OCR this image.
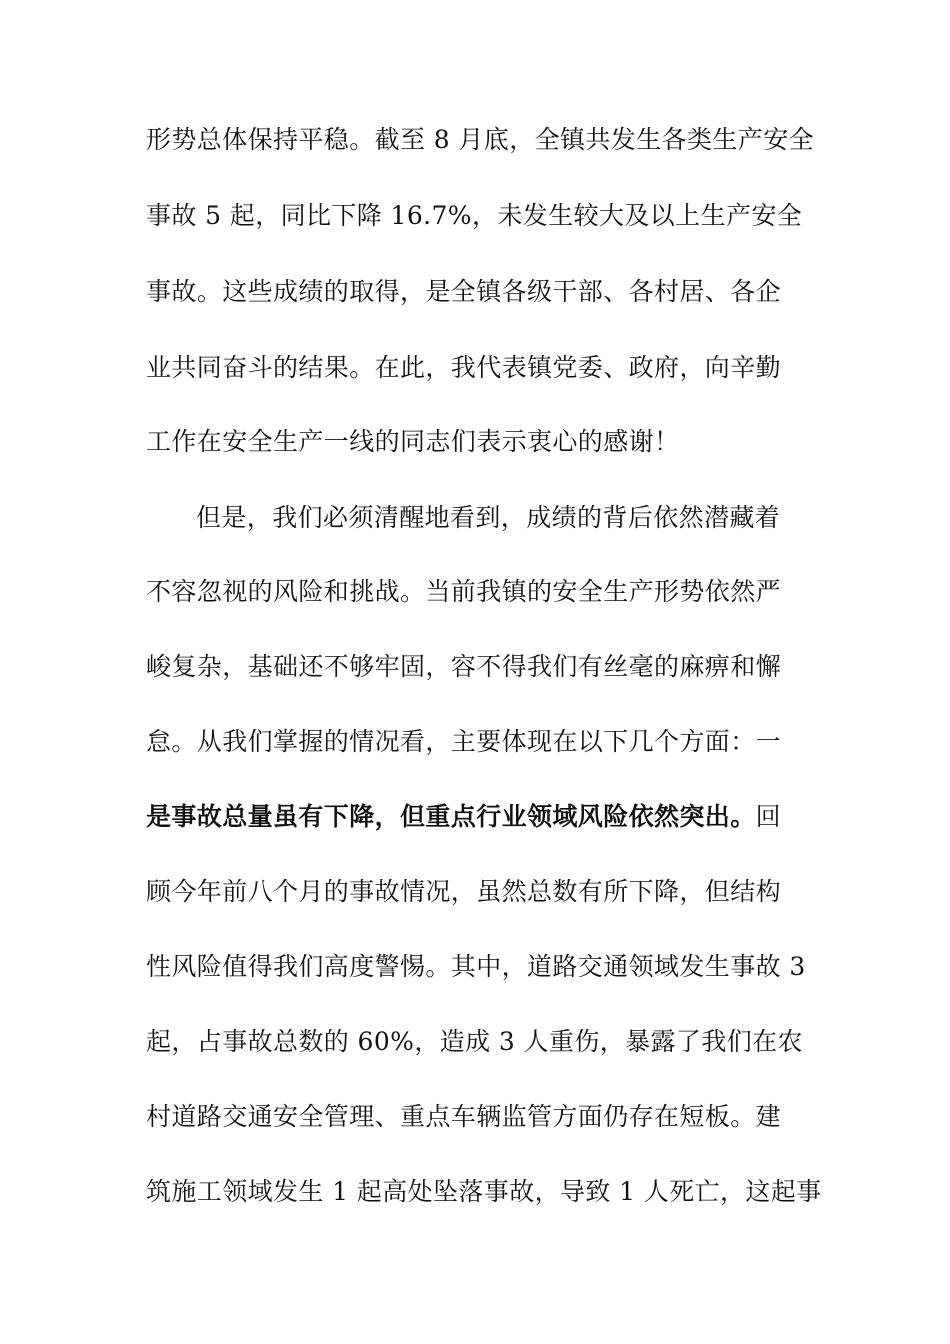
形势总体保持平稳。截至 8 月底，全镇共发生各类生产安全
事故 5 起，同比下降 16.7%，未发生较大及以上生产安全
事故。这些成绩的取得，是全镇各级干部、各村居、各企
业共同奋斗的结果。在此，我代表镇党委、政府，向辛勤
工作在安全生产一线的同志们表示衷心的感谢！
但是，我们必须清醒地看到，成绩的背后依然潜藏着
不容忽视的风险和挑战。当前我镇的安全生产形势依然严
峻复杂，基础还不够牢固，容不得我们有丝毫的麻痹和懈
怠。从我们掌握的情况看，主要体现在以下几个方面：一
是事故总量虽有下降，但重点行业领域风险依然突出。回
顾今年前八个月的事故情况，虽然总数有所下降，但结构
性风险值得我们高度警惕。其中，道路交通领域发生事故 3
起，占事故总数的 60%，造成 3 人重伤，暴露了我们在农
村道路交通安全管理、重点车辆监管方面仍存在短板。建
筑施工领域发生 1 起高处坠落事故，导致 1 人死亡，这起事
